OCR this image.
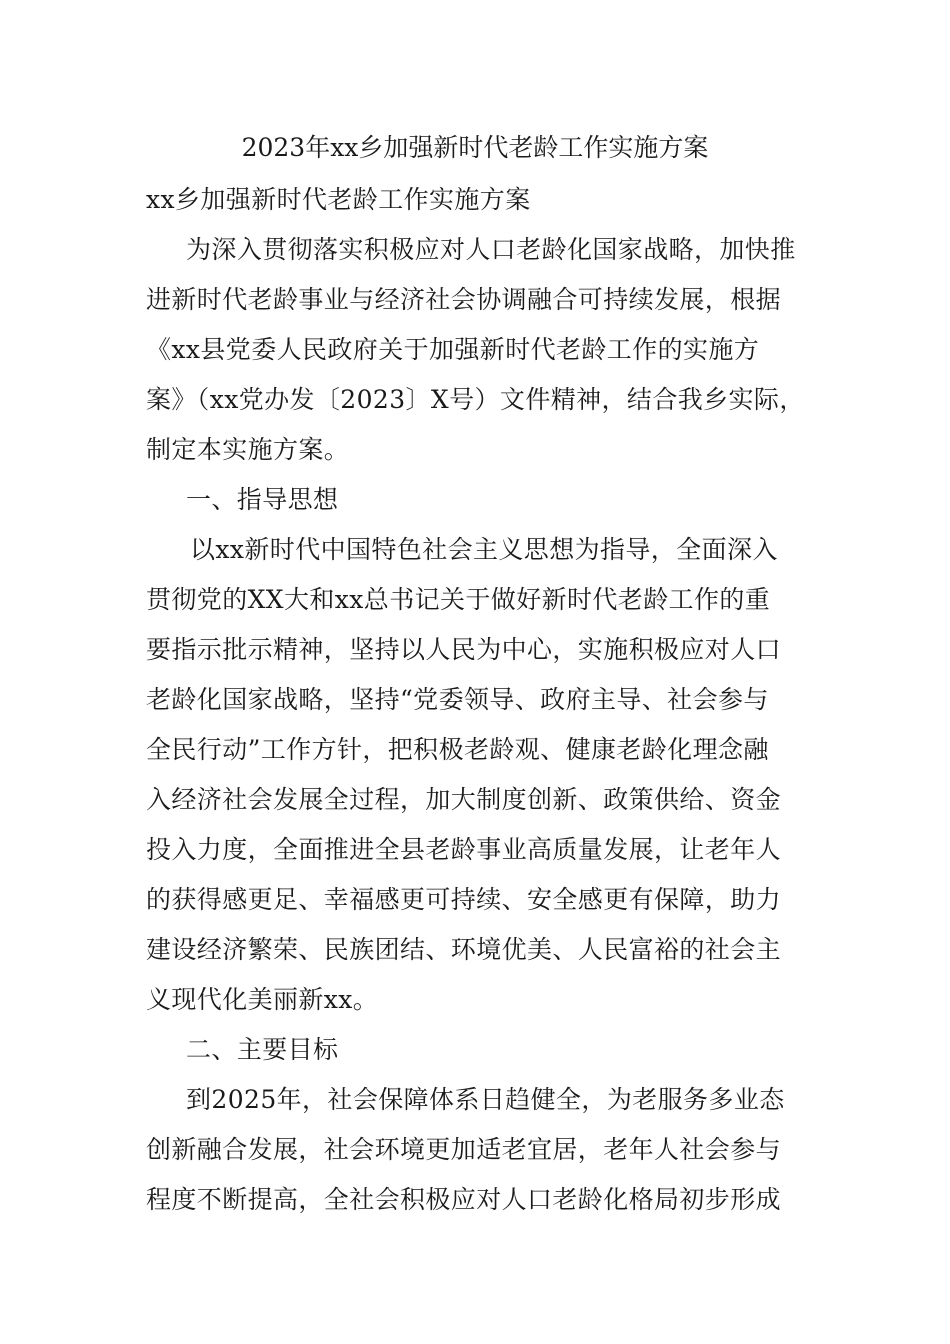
2023年xx乡加强新时代老龄工作实施方案
xx乡加强新时代老龄工作实施方案
为深入贯彻落实积极应对人口老龄化国家战略，加快推
进新时代老龄事业与经济社会协调融合可持续发展，根据
《xx县党委人民政府关于加强新时代老龄工作的实施方
案》（xx党办发〔2023〕X号）文件精神，结合我乡实际，
制定本实施方案。
一、指导思想
以xx新时代中国特色社会主义思想为指导，全面深入
贯彻党的XX大和xx总书记关于做好新时代老龄工作的重
要指示批示精神，坚持以人民为中心，实施积极应对人口
老龄化国家战略，坚持“党委领导、政府主导、社会参与
全民行动”工作方针，把积极老龄观、健康老龄化理念融
入经济社会发展全过程，加大制度创新、政策供给、资金
投入力度，全面推进全县老龄事业高质量发展，让老年人
的获得感更足、幸福感更可持续、安全感更有保障，助力
建设经济繁荣、民族团结、环境优美、人民富裕的社会主
义现代化美丽新xx。
二、主要目标
到2025年，社会保障体系日趋健全，为老服务多业态
创新融合发展，社会环境更加适老宜居，老年人社会参与
程度不断提高，全社会积极应对人口老龄化格局初步形成
